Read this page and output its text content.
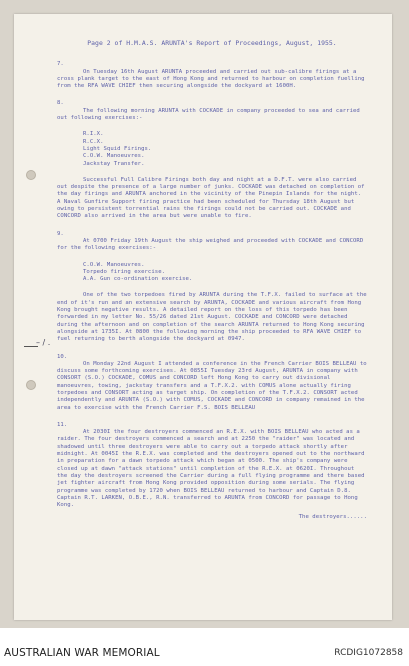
– / .

Page 2 of H.M.A.S. ARUNTA's Report of Proceedings, August, 1955.

7.

On Tuesday 16th August ARUNTA proceeded and carried out sub-calibre firings at a cross plank target to the east of Hong Kong and returned to harbour on completion fuelling from the RFA WAVE CHIEF then securing alongside the dockyard at 1600H.

8.

The following morning ARUNTA with COCKADE in company proceeded to sea and carried out following exercises:-

R.I.X.

R.C.X.

Light Squid Firings.

C.O.W. Manoeuvres.

Jackstay Transfer.

Successful Full Calibre Firings both day and night at a D.F.T. were also carried out despite the presence of a large number of junks. COCKADE was detached on completion of the day firings and ARUNTA anchored in the vicinity of the Pinepin Islands for the night. A Naval Gunfire Support firing practice had been scheduled for Thursday 18th August but owing to persistent torrential rains the firings could not be carried out. COCKADE and CONCORD also arrived in the area but were unable to fire.

9.

At 0700 Friday 19th August the ship weighed and proceeded with COCKADE and CONCORD for the following exercises:-

C.O.W. Manoeuvres.

Torpedo firing exercise.

A.A. Gun co-ordination exercise.

One of the two torpedoes fired by ARUNTA during the T.F.X. failed to surface at the end of it's run and an extensive search by ARUNTA, COCKADE and various aircraft from Hong Kong brought negative results. A detailed report on the loss of this torpedo has been forwarded in my letter No. 55/26 dated 21st August. COCKADE and CONCORD were detached during the afternoon and on completion of the search ARUNTA returned to Hong Kong securing alongside at 1735I. At 0800 the following morning the ship proceeded to RFA WAVE CHIEF to fuel returning to berth alongside the dockyard at 0947.

10.

On Monday 22nd August I attended a conference in the French Carrier BOIS BELLEAU to discuss some forthcoming exercises. At 0855I Tuesday 23rd August, ARUNTA in company with CONSORT (S.O.) COCKADE, COMUS and CONCORD left Hong Kong to carry out divisional manoeuvres, towing, jackstay transfers and a T.F.X.2. with COMUS alone actually firing torpedoes and CONSORT acting as target ship. On completion of the T.F.X.2. CONSORT acted independently and ARUNTA (S.O.) with COMUS, COCKADE and CONCORD in company remained in the area to exercise with the French Carrier F.S. BOIS BELLEAU

11.

At 2030I the four destroyers commenced an R.E.X. with BOIS BELLEAU who acted as a raider. The four destroyers commenced a search and at 2250 the "raider" was located and shadowed until three destroyers were able to carry out a torpedo attack shortly after midnight. At 0045I the R.E.X. was completed and the destroyers opened out to the northward in preparation for a dawn torpedo attack which began at 0500. The ship's company were closed up at dawn "attack stations" until completion of the R.E.X. at 0620I. Throughout the day the destroyers screened the Carrier during a full flying programme and there based jet fighter aircraft from Hong Kong provided opposition during some serials. The flying programme was completed by 1720 when BOIS BELLEAU returned to harbour and Captain D.8. Captain R.T. LARKEN, O.B.E., R.N. transferred to ARUNTA from CONCORD for passage to Hong Kong.

The destroyers......

AUSTRALIAN WAR MEMORIAL	RCDIG1072858
